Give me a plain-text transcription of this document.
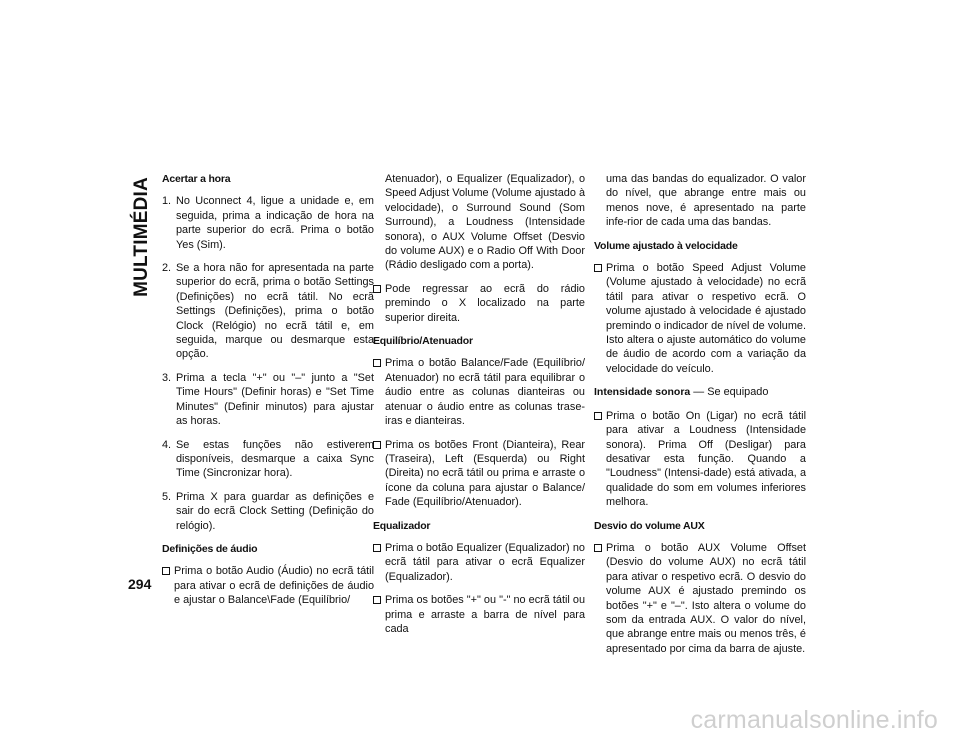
MULTIMÉDIA
294
Acertar a hora
1. No Uconnect 4, ligue a unidade e, em seguida, prima a indicação de hora na parte superior do ecrã. Prima o botão Yes (Sim).
2. Se a hora não for apresentada na parte superior do ecrã, prima o botão Settings (Definições) no ecrã tátil. No ecrã Settings (Definições), prima o botão Clock (Relógio) no ecrã tátil e, em seguida, marque ou desmarque esta opção.
3. Prima a tecla "+" ou "–" junto a "Set Time Hours" (Definir horas) e "Set Time Minutes" (Definir minutos) para ajustar as horas.
4. Se estas funções não estiverem disponíveis, desmarque a caixa Sync Time (Sincronizar hora).
5. Prima X para guardar as definições e sair do ecrã Clock Setting (Definição do relógio).
Definições de áudio
Prima o botão Audio (Áudio) no ecrã tátil para ativar o ecrã de definições de áudio e ajustar o Balance\Fade (Equilíbrio/
Atenuador), o Equalizer (Equalizador), o Speed Adjust Volume (Volume ajustado à velocidade), o Surround Sound (Som Surround), a Loudness (Intensidade sonora), o AUX Volume Offset (Desvio do volume AUX) e o Radio Off With Door (Rádio desligado com a porta).
Pode regressar ao ecrã do rádio premindo o X localizado na parte superior direita.
Equilíbrio/Atenuador
Prima o botão Balance/Fade (Equilíbrio/ Atenuador) no ecrã tátil para equilibrar o áudio entre as colunas dianteiras ou atenuar o áudio entre as colunas trase-iras e dianteiras.
Prima os botões Front (Dianteira), Rear (Traseira), Left (Esquerda) ou Right (Direita) no ecrã tátil ou prima e arraste o ícone da coluna para ajustar o Balance/ Fade (Equilíbrio/Atenuador).
Equalizador
Prima o botão Equalizer (Equalizador) no ecrã tátil para ativar o ecrã Equalizer (Equalizador).
Prima os botões "+" ou "-" no ecrã tátil ou prima e arraste a barra de nível para cada
uma das bandas do equalizador. O valor do nível, que abrange entre mais ou menos nove, é apresentado na parte infe-rior de cada uma das bandas.
Volume ajustado à velocidade
Prima o botão Speed Adjust Volume (Volume ajustado à velocidade) no ecrã tátil para ativar o respetivo ecrã. O volume ajustado à velocidade é ajustado premindo o indicador de nível de volume. Isto altera o ajuste automático do volume de áudio de acordo com a variação da velocidade do veículo.
Intensidade sonora — Se equipado
Prima o botão On (Ligar) no ecrã tátil para ativar a Loudness (Intensidade sonora). Prima Off (Desligar) para desativar esta função. Quando a "Loudness" (Intensi-dade) está ativada, a qualidade do som em volumes inferiores melhora.
Desvio do volume AUX
Prima o botão AUX Volume Offset (Desvio do volume AUX) no ecrã tátil para ativar o respetivo ecrã. O desvio do volume AUX é ajustado premindo os botões "+" e "–". Isto altera o volume do som da entrada AUX. O valor do nível, que abrange entre mais ou menos três, é apresentado por cima da barra de ajuste.
carmanualsonline.info
